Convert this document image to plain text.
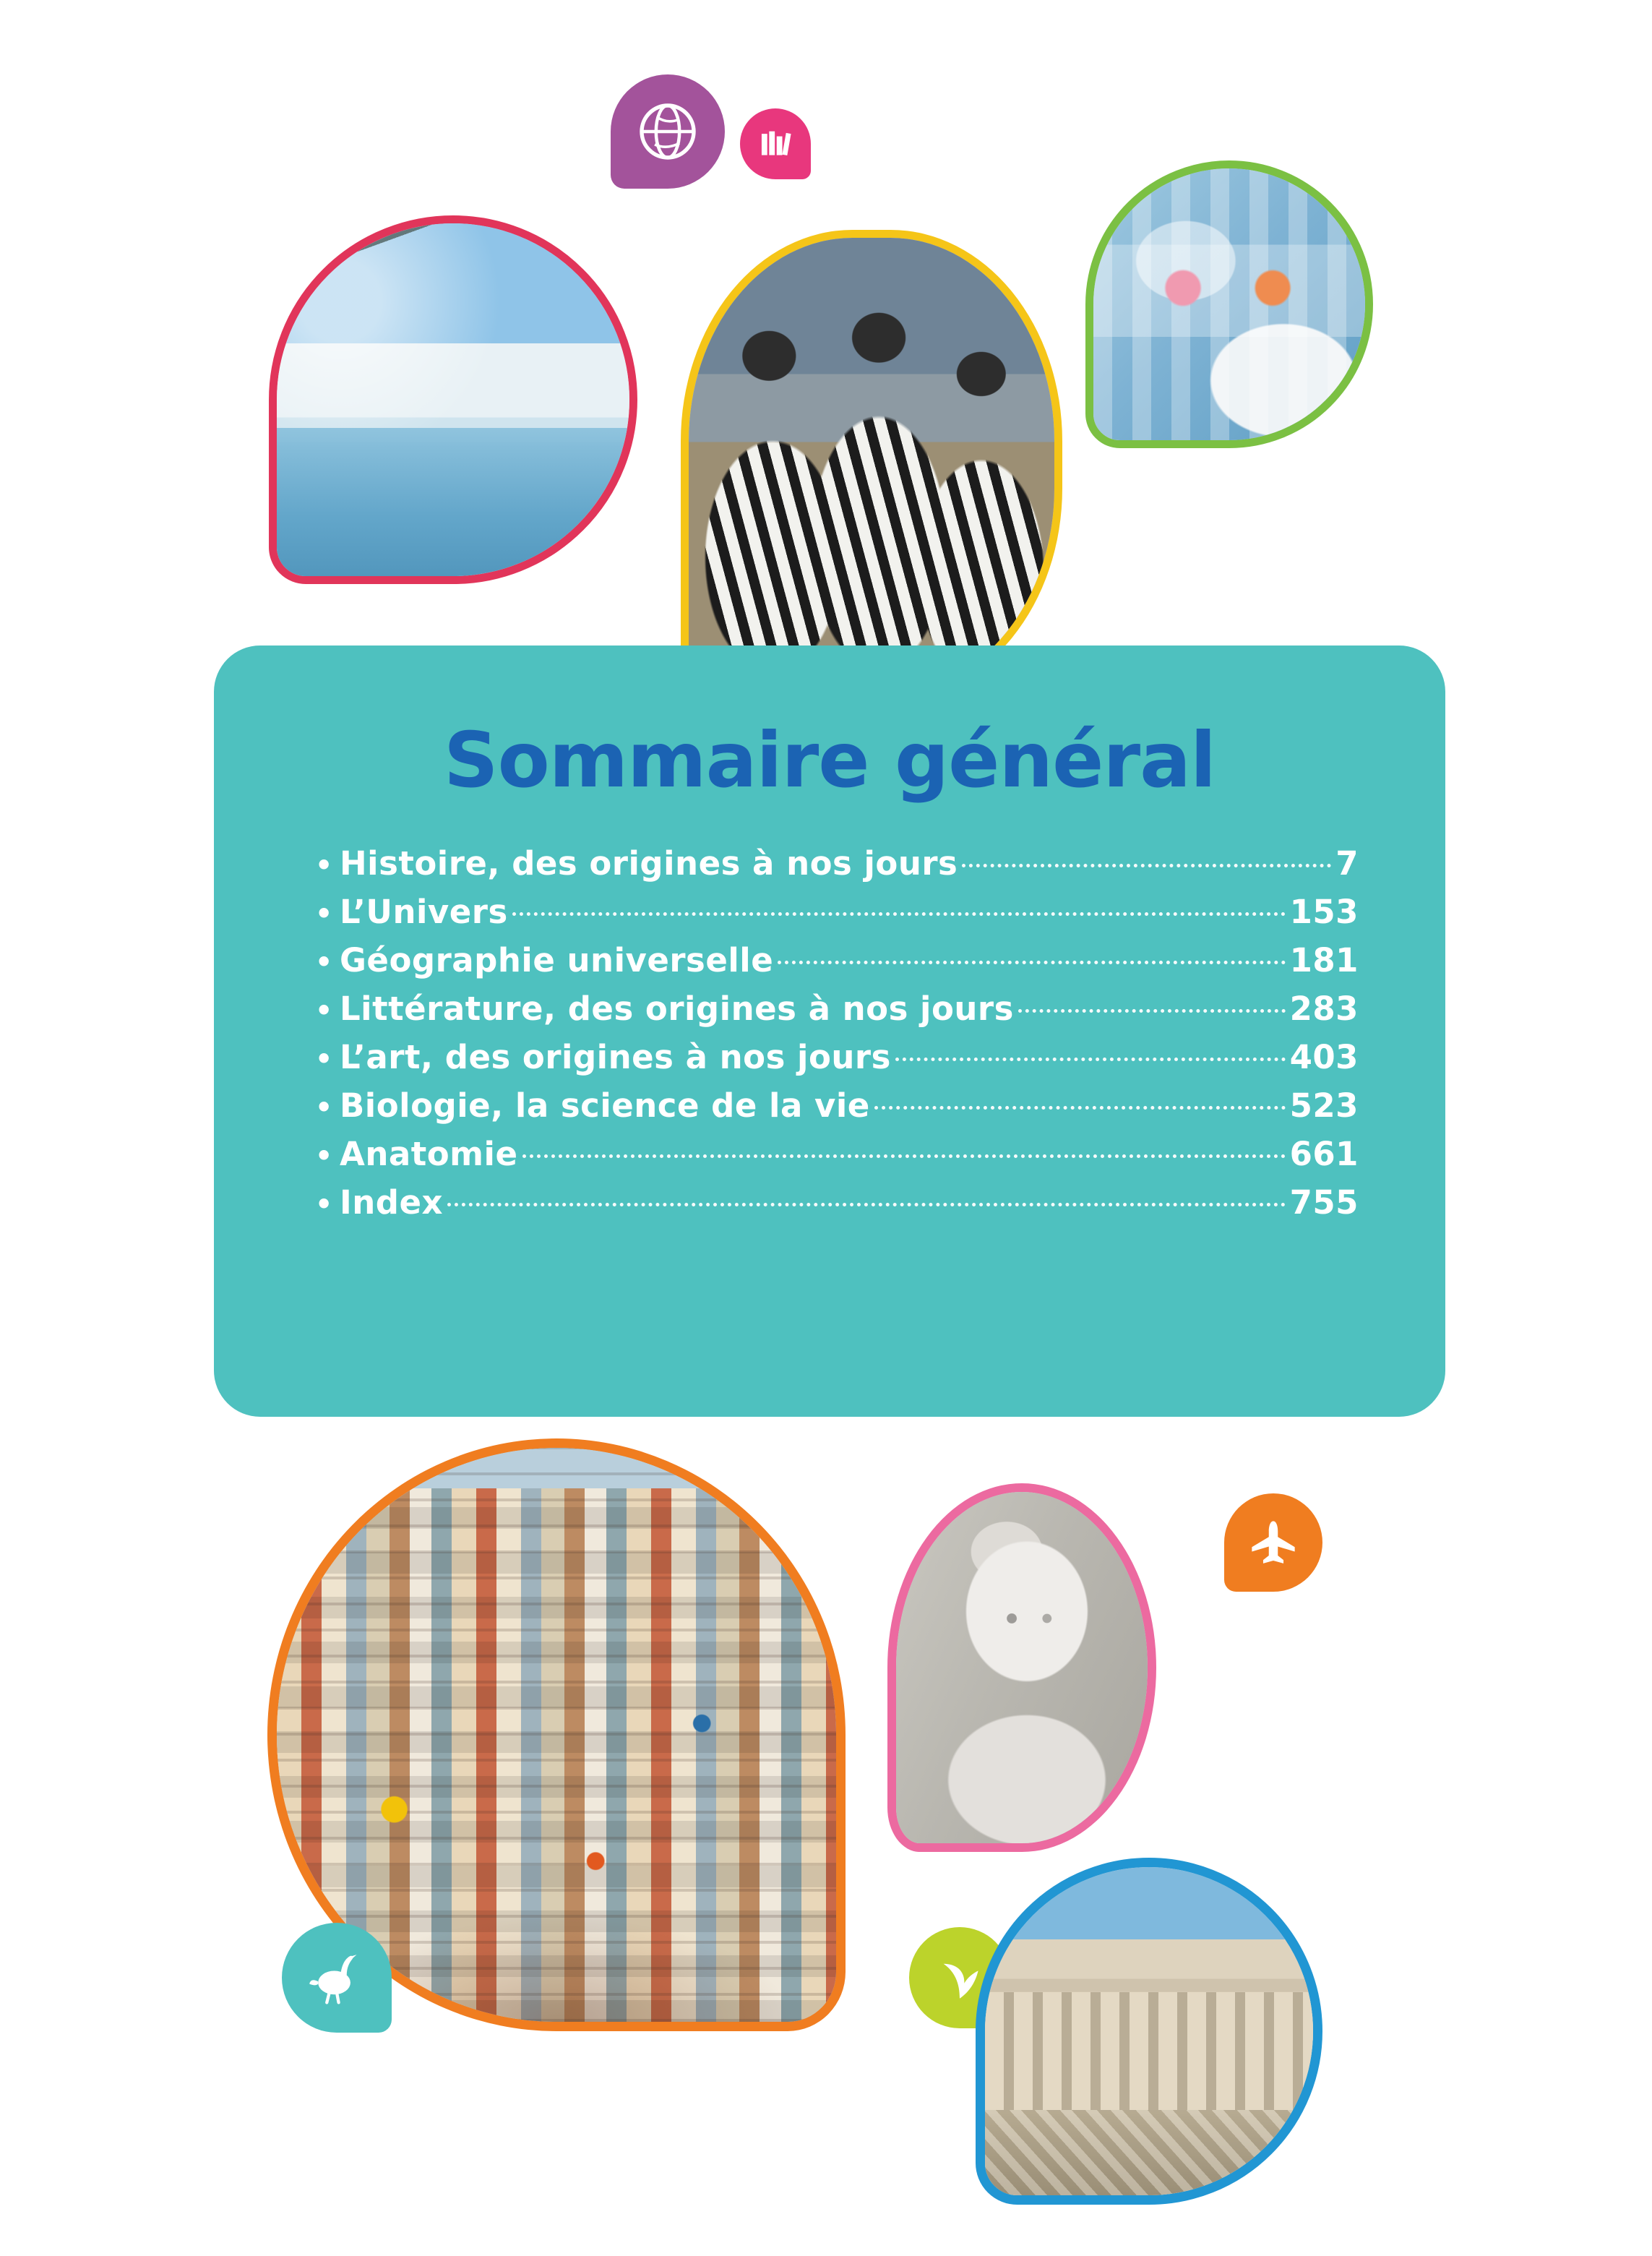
Sommaire général
• Histoire, des origines à nos jours	7
• L’Univers	153
• Géographie universelle	181
• Littérature, des origines à nos jours	283
• L’art, des origines à nos jours	403
• Biologie, la science de la vie	523
• Anatomie	661
• Index	755
